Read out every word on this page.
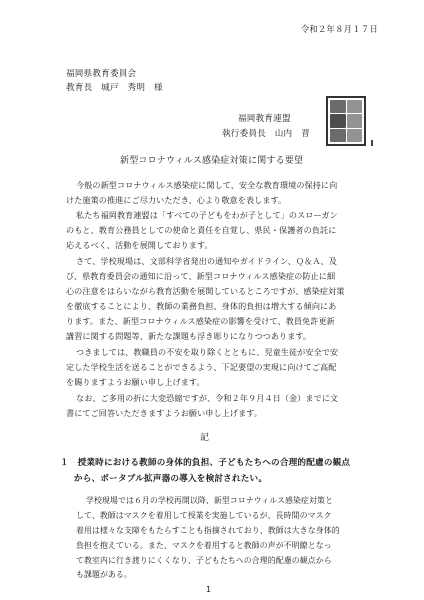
令和２年８月１７日
福岡県教育委員会
教育長　城戸　秀明　様
福岡教育連盟
執行委員長　山内　晋
新型コロナウィルス感染症対策に関する要望
今般の新型コロナウィルス感染症に関して、安全な教育環境の保持に向
けた施策の推進にご尽力いただき、心より敬意を表します。
私たち福岡教育連盟は「すべての子どもをわが子として」のスローガン
のもと、教育公務員としての使命と責任を自覚し、県民・保護者の負託に
応えるべく、活動を展開しております。
さて、学校現場は、文部科学省発出の通知やガイドライン、Ｑ＆Ａ、及
び、県教育委員会の通知に沿って、新型コロナウィルス感染症の防止に細
心の注意をはらいながら教育活動を展開しているところですが、感染症対策
を徹底することにより、教師の業務負担、身体的負担は増大する傾向にあ
ります。また、新型コロナウィルス感染症の影響を受けて、教員免許更新
講習に関する問題等、新たな課題も浮き彫りになりつつあります。
つきましては、教職員の不安を取り除くとともに、児童生徒が安全で安
定した学校生活を送ることができるよう、下記要望の実現に向けてご高配
を賜りますようお願い申し上げます。
なお、ご多用の折に大変恐縮ですが、令和２年９月４日（金）までに文
書にてご回答いただきますようお願い申し上げます。
記
１　授業時における教師の身体的負担、子どもたちへの合理的配慮の観点
から、ポータブル拡声器の導入を検討されたい。
学校現場では６月の学校再開以降、新型コロナウィルス感染症対策と
して、教師はマスクを着用して授業を実施しているが、長時間のマスク
着用は様々な支障をもたらすことも指摘されており、教師は大きな身体的
負担を抱えている。また、マスクを着用すると教師の声が不明瞭となっ
て教室内に行き渡りにくくなり、子どもたちへの合理的配慮の観点から
も課題がある。
1
